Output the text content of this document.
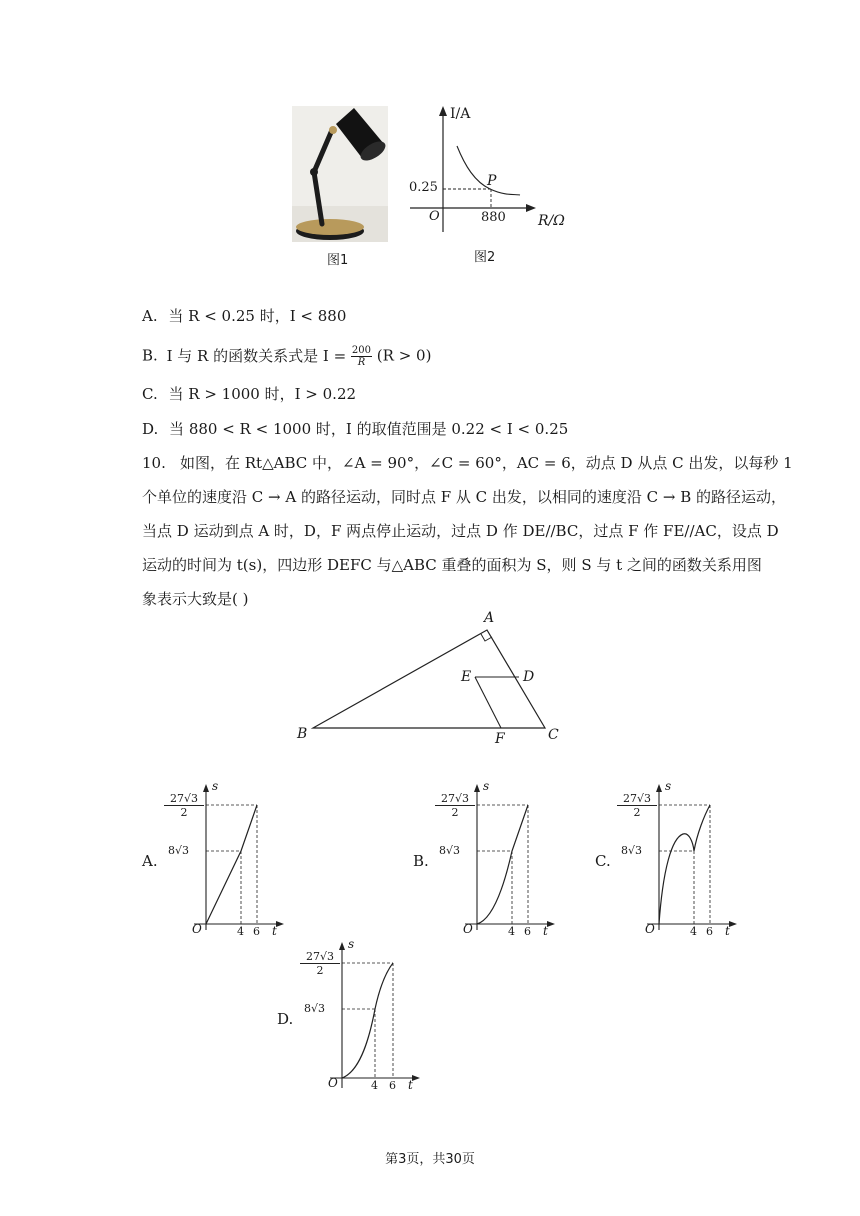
图1
I/A
P
0.25
O	880 R/Ω
图2
A. 当 R < 0.25 时，I < 880
B. I 与 R 的函数关系式是 $I = \frac{200}{R} (R > 0)$
C. 当 R > 1000 时，I > 0.22
D. 当 880 < R < 1000 时，I 的取值范围是 0.22 < I < 0.25
10. 如图，在 Rt△ABC 中，∠A = 90°，∠C = 60°，AC = 6，动点 D 从点 C 出发，以每秒 1
个单位的速度沿 C → A 的路径运动，同时点 F 从 C 出发，以相同的速度沿 C → B 的路径运动，
当点 D 运动到点 A 时，D，F 两点停止运动，过点 D 作 DE//BC，过点 F 作 FE//AC，设点 D
运动的时间为 t(s)，四边形 DEFC 与△ABC 重叠的面积为 S，则 S 与 t 之间的函数关系用图
象表示大致是( )
A
E	D
B	F	C
A.
s
$\frac{27√3}{2}$
8√3
O	4 6 t
B.
s
$\frac{27√3}{2}$
8√3
O	4 6 t
C.
s
$\frac{27√3}{2}$
8√3
O	4 6 t
D.
s
$\frac{27√3}{2}$
8√3
O	4 6 t
第3页，共30页
